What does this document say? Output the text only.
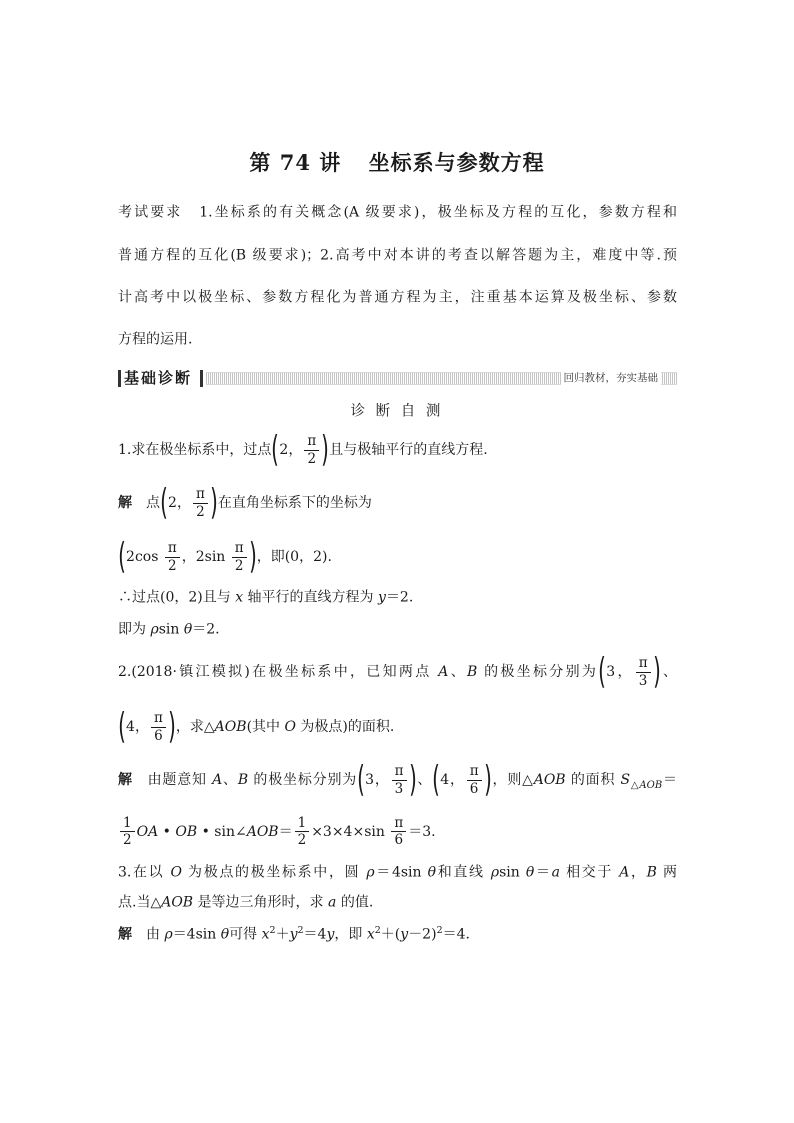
第 74 讲 坐标系与参数方程
考试要求 1.坐标系的有关概念(A 级要求)，极坐标及方程的互化，参数方程和
普通方程的互化(B 级要求)；2.高考中对本讲的考查以解答题为主，难度中等.预
计高考中以极坐标、参数方程化为普通方程为主，注重基本运算及极坐标、参数
方程的运用.
基础诊断	回归教材，夯实基础
诊 断 自 测
1.求在极坐标系中，过点(2， $\frac{\pi}{2}$ )且与极轴平行的直线方程.
解　点(2， $\frac{\pi}{2}$ )在直角坐标系下的坐标为
($2\cos \frac{\pi}{2}$ ，$2\sin \frac{\pi}{2}$ )，即(0，2).
∴过点(0，2)且与 x 轴平行的直线方程为 y＝2.
即为 ρsin θ＝2.
2.(2018·镇江模拟)在极坐标系中，已知两点 A、B 的极坐标分别为(3， $\frac{\pi}{3}$ )、
(4， $\frac{\pi}{6}$ )，求△AOB(其中 O 为极点)的面积.
解　由题意知 A、B 的极坐标分别为(3， $\frac{\pi}{3}$ )、(4， $\frac{\pi}{6}$ )，则△AOB 的面积 $S_{\triangle AOB}=$
$\frac{1}{2}$ OA • OB • sin∠AOB＝ $\frac{1}{2} \times 3\times 4\times\sin \frac{\pi}{6} =3$.
3.在以 O 为极点的极坐标系中，圆 ρ＝4sin θ和直线 ρsin θ＝a 相交于 A，B 两
点.当△AOB 是等边三角形时，求 a 的值.
解　由 ρ＝4sin θ可得 $x^2+y^2=4y$，即 $x^2+(y-2)^2=4$.
